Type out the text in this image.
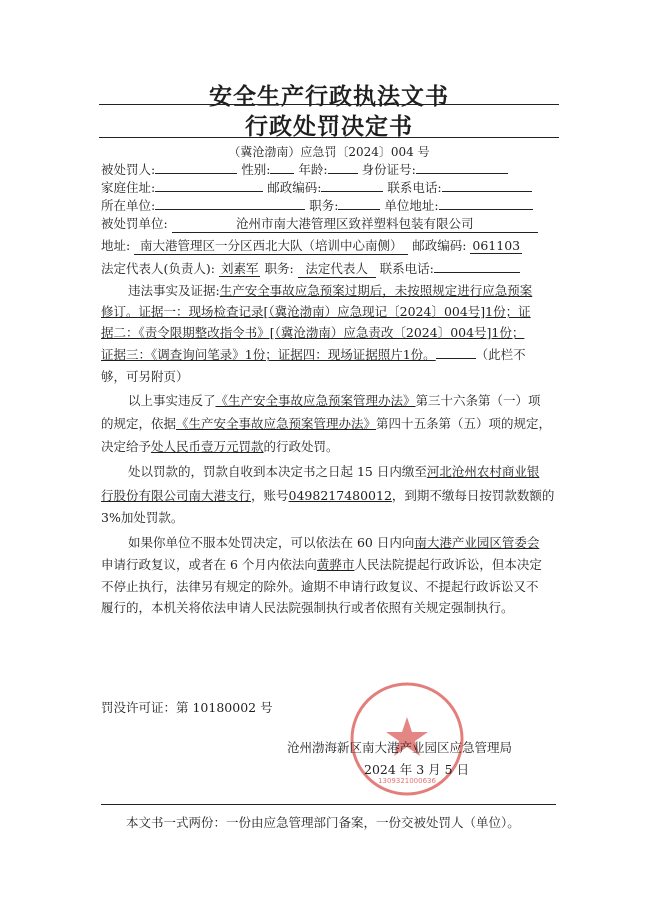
安全生产行政执法文书
行政处罚决定书
（冀沧渤南）应急罚〔2024〕004 号
被处罚人:	性别: 年龄:	身份证号:
家庭住址:	邮政编码:	联系电话:
所在单位:	职务:	单位地址:
被处罚单位:	沧州市南大港管理区致祥塑料包装有限公司
地址: 南大港管理区一分区西北大队（培训中心南侧） 邮政编码: 061103
法定代表人(负责人): 刘素军 职务: 法定代表人 联系电话:
违法事实及证据:生产安全事故应急预案过期后，未按照规定进行应急预案
修订。证据一：现场检查记录[（冀沧渤南）应急现记〔2024〕004号]1份；证
据二：《责令限期整改指令书》[（冀沧渤南）应急责改〔2024〕004号]1份；
证据三：《调查询问笔录》1份；证据四：现场证据照片1份。	（此栏不
够，可另附页）
以上事实违反了《生产安全事故应急预案管理办法》第三十六条第（一）项
的规定，依据《生产安全事故应急预案管理办法》第四十五条第（五）项的规定，
决定给予处人民币壹万元罚款的行政处罚。
处以罚款的，罚款自收到本决定书之日起 15 日内缴至河北沧州农村商业银
行股份有限公司南大港支行，账号0498217480012，到期不缴每日按罚款数额的
3%加处罚款。
如果你单位不服本处罚决定，可以依法在 60 日内向南大港产业园区管委会
申请行政复议，或者在 6 个月内依法向黄骅市人民法院提起行政诉讼，但本决定
不停止执行，法律另有规定的除外。逾期不申请行政复议、不提起行政诉讼又不
履行的，本机关将依法申请人民法院强制执行或者依照有关规定强制执行。
罚没许可证：第 10180002 号
1309321000636
沧州渤海新区南大港产业园区应急管理局
2024 年 3 月 5 日
本文书一式两份：一份由应急管理部门备案，一份交被处罚人（单位）。
